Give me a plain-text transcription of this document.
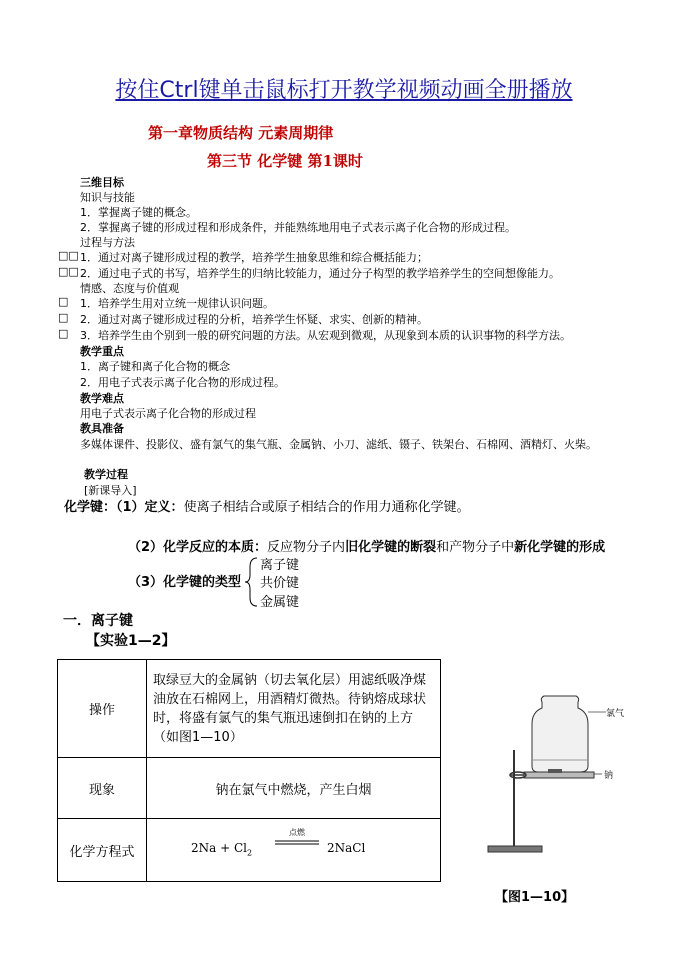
按住Ctrl键单击鼠标打开教学视频动画全册播放
第一章物质结构 元素周期律
第三节 化学键 第1课时
三维目标
知识与技能
1．掌握离子键的概念。
2．掌握离子键的形成过程和形成条件，并能熟练地用电子式表示离子化合物的形成过程。
过程与方法
□□ 1．通过对离子键形成过程的教学，培养学生抽象思维和综合概括能力；
□□ 2．通过电子式的书写，培养学生的归纳比较能力，通过分子构型的教学培养学生的空间想像能力。
情感、态度与价值观
□ 1．培养学生用对立统一规律认识问题。
□ 2．通过对离子键形成过程的分析，培养学生怀疑、求实、创新的精神。
□ 3．培养学生由个别到一般的研究问题的方法。从宏观到微观，从现象到本质的认识事物的科学方法。
教学重点
1．离子键和离子化合物的概念
2．用电子式表示离子化合物的形成过程。
教学难点
用电子式表示离子化合物的形成过程
教具准备
多媒体课件、投影仪、盛有氯气的集气瓶、金属钠、小刀、滤纸、镊子、铁架台、石棉网、酒精灯、火柴。
教学过程
[新课导入]
化学键：（1）定义：使离子相结合或原子相结合的作用力通称化学键。
（2）化学反应的本质：反应物分子内旧化学键的断裂和产物分子中新化学键的形成
（3）化学键的类型
离子键
共价键
金属键
一．离子键
【实验1—2】
操作	取绿豆大的金属钠（切去氧化层）用滤纸吸净煤油放在石棉网上，用酒精灯微热。待钠熔成球状时，将盛有氯气的集气瓶迅速倒扣在钠的上方（如图1—10）
现象	钠在氯气中燃烧，产生白烟
化学方程式	$2Na + Cl_2$
点燃
2NaCl
氯气
钠
【图1—10】
